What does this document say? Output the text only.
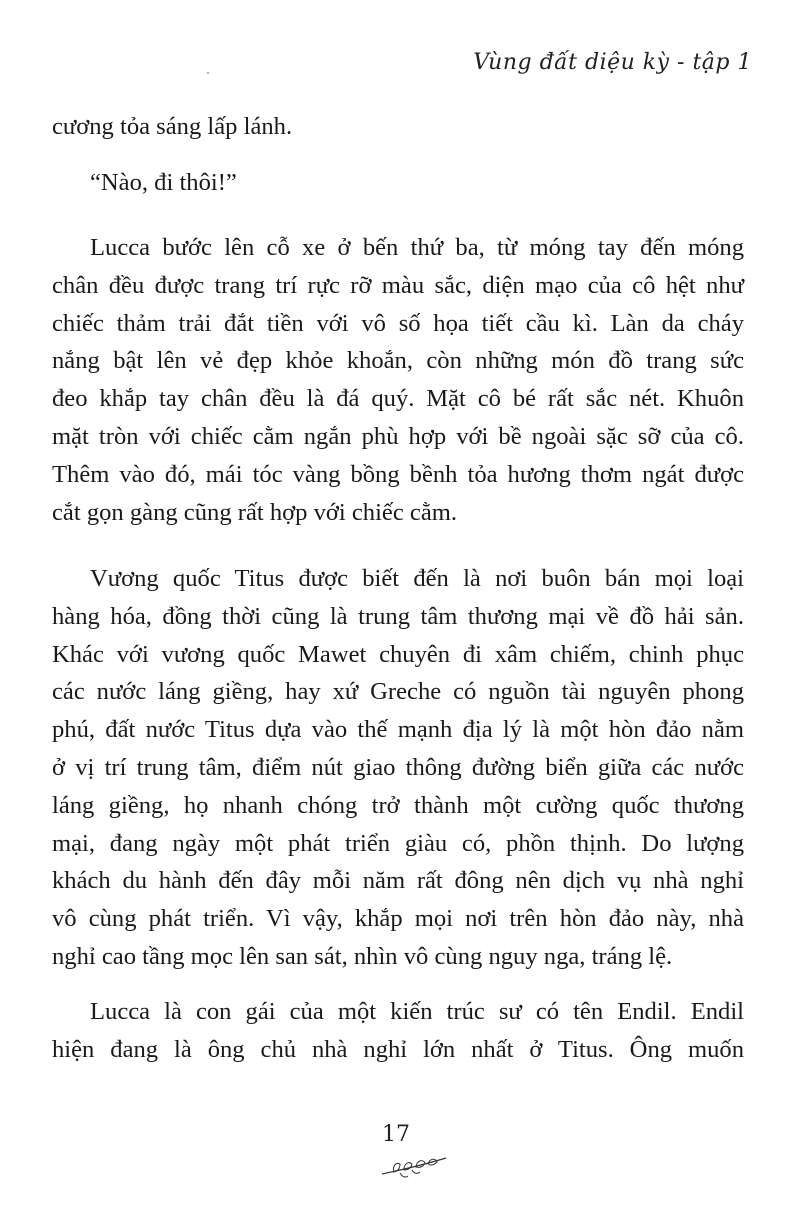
Vùng đất diệu kỳ - tập 1
cương tỏa sáng lấp lánh.
“Nào, đi thôi!”
Lucca bước lên cỗ xe ở bến thứ ba, từ móng tay đến móng
chân đều được trang trí rực rỡ màu sắc, diện mạo của cô hệt như
chiếc thảm trải đắt tiền với vô số họa tiết cầu kì. Làn da cháy
nắng bật lên vẻ đẹp khỏe khoắn, còn những món đồ trang sức
đeo khắp tay chân đều là đá quý. Mặt cô bé rất sắc nét. Khuôn
mặt tròn với chiếc cằm ngắn phù hợp với bề ngoài sặc sỡ của cô.
Thêm vào đó, mái tóc vàng bồng bềnh tỏa hương thơm ngát được
cắt gọn gàng cũng rất hợp với chiếc cằm.
Vương quốc Titus được biết đến là nơi buôn bán mọi loại
hàng hóa, đồng thời cũng là trung tâm thương mại về đồ hải sản.
Khác với vương quốc Mawet chuyên đi xâm chiếm, chinh phục
các nước láng giềng, hay xứ Greche có nguồn tài nguyên phong
phú, đất nước Titus dựa vào thế mạnh địa lý là một hòn đảo nằm
ở vị trí trung tâm, điểm nút giao thông đường biển giữa các nước
láng giềng, họ nhanh chóng trở thành một cường quốc thương
mại, đang ngày một phát triển giàu có, phồn thịnh. Do lượng
khách du hành đến đây mỗi năm rất đông nên dịch vụ nhà nghỉ
vô cùng phát triển. Vì vậy, khắp mọi nơi trên hòn đảo này, nhà
nghỉ cao tầng mọc lên san sát, nhìn vô cùng nguy nga, tráng lệ.
Lucca là con gái của một kiến trúc sư có tên Endil. Endil
hiện đang là ông chủ nhà nghỉ lớn nhất ở Titus. Ông muốn
17
